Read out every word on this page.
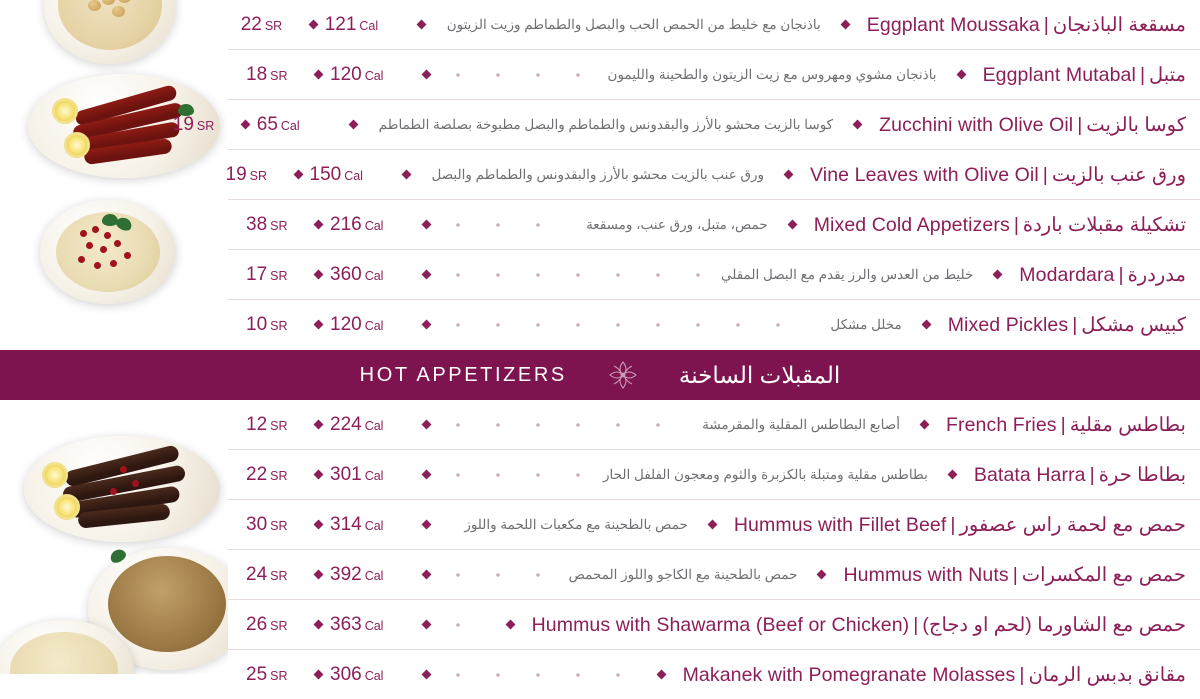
مسقعة الباذنجان|Eggplant Moussaka
باذنجان مع خليط من الحمص الحب والبصل والطماطم وزيت الزيتون
121 Cal
22 SR
متبل|Eggplant Mutabal
باذنجان مشوي ومهروس مع زيت الزيتون والطحينة والليمون
120 Cal
18 SR
كوسا بالزيت|Zucchini with Olive Oil
كوسا بالزيت محشو بالأرز والبقدونس والطماطم والبصل مطبوخة بصلصة الطماطم
65 Cal
19 SR
ورق عنب بالزيت|Vine Leaves with Olive Oil
ورق عنب بالزيت محشو بالأرز والبقدونس والطماطم والبصل
150 Cal
19 SR
تشكيلة مقبلات باردة|Mixed Cold Appetizers
حمص، متبل، ورق عنب، ومسقعة
216 Cal
38 SR
مدردرة|Modardara
خليط من العدس والرز يقدم مع البصل المقلي
360 Cal
17 SR
كبيس مشكل|Mixed Pickles
مخلل مشكل
120 Cal
10 SR
HOT APPETIZERS	المقبلات الساخنة
بطاطس مقلية|French Fries
أصابع البطاطس المقلية والمقرمشة
224 Cal
12 SR
بطاطا حرة|Batata Harra
بطاطس مقلية ومتبلة بالكزبرة والثوم ومعجون الفلفل الحار
301 Cal
22 SR
حمص مع لحمة راس عصفور|Hummus with Fillet Beef
حمص بالطحينة مع مكعبات اللحمة واللوز
314 Cal
30 SR
حمص مع المكسرات|Hummus with Nuts
حمص بالطحينة مع الكاجو واللوز المحمص
392 Cal
24 SR
حمص مع الشاورما (لحم او دجاج)|Hummus with Shawarma (Beef or Chicken)
363 Cal
26 SR
مقانق بدبس الرمان|Makanek with Pomegranate Molasses
306 Cal
25 SR
